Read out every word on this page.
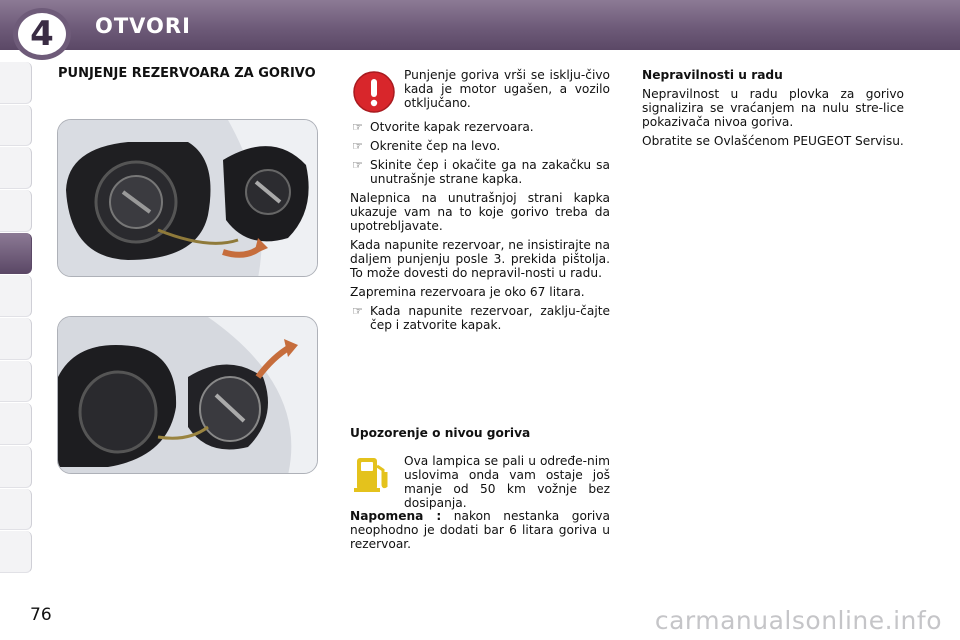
4 OTVORI
PUNJENJE REZERVOARA ZA GORIVO	Punjenje goriva vrši se isklju-čivo kada je motor ugašen, a vozilo otključano.

☞ Otvorite kapak rezervoara.
☞ Okrenite čep na levo.
☞ Skinite čep i okačite ga na zakačku sa unutrašnje strane kapka.

Nalepnica na unutrašnjoj strani kapka ukazuje vam na to koje gorivo treba da upotrebljavate.

Kada napunite rezervoar, ne insistirajte na daljem punjenju posle 3. prekida pištolja. To može dovesti do nepravil-nosti u radu.

Zapremina rezervoara je oko 67 litara.

☞ Kada napunite rezervoar, zaklju-čajte čep i zatvorite kapak.
Upozorenje o nivou goriva

Ova lampica se pali u određe-nim uslovima onda vam ostaje još manje od 50 km vožnje bez dosipanja.

Napomena : nakon nestanka goriva neophodno je dodati bar 6 litara goriva u rezervoar.

Nepravilnosti u radu

Nepravilnost u radu plovka za gorivo signalizira se vraćanjem na nulu stre-lice pokazivača nivoa goriva.

Obratite se Ovlašćenom PEUGEOT Servisu.

76	carmanualsonline.info
